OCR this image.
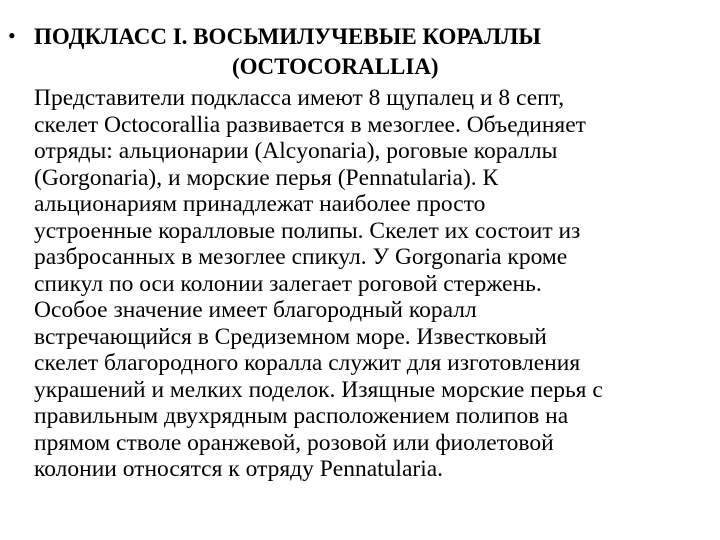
• ПОДКЛАСС I. ВОСЬМИЛУЧЕВЫЕ КОРАЛЛЫ
(OCTOCORALLIA)
Представители подкласса имеют 8 щупалец и 8 септ,
скелет Octocorallia развивается в мезоглее. Объединяет
отряды: альционарии (Alcyonaria), роговые кораллы
(Gorgonaria), и морские перья (Pennatularia). К
альционариям принадлежат наиболее просто
устроенные коралловые полипы. Скелет их состоит из
разбросанных в мезоглее спикул. У Gorgonaria кроме
спикул по оси колонии залегает роговой стержень.
Особое значение имеет благородный коралл
встречающийся в Средиземном море. Известковый
скелет благородного коралла служит для изготовления
украшений и мелких поделок. Изящные морские перья с
правильным двухрядным расположением полипов на
прямом стволе оранжевой, розовой или фиолетовой
колонии относятся к отряду Pennatularia.
